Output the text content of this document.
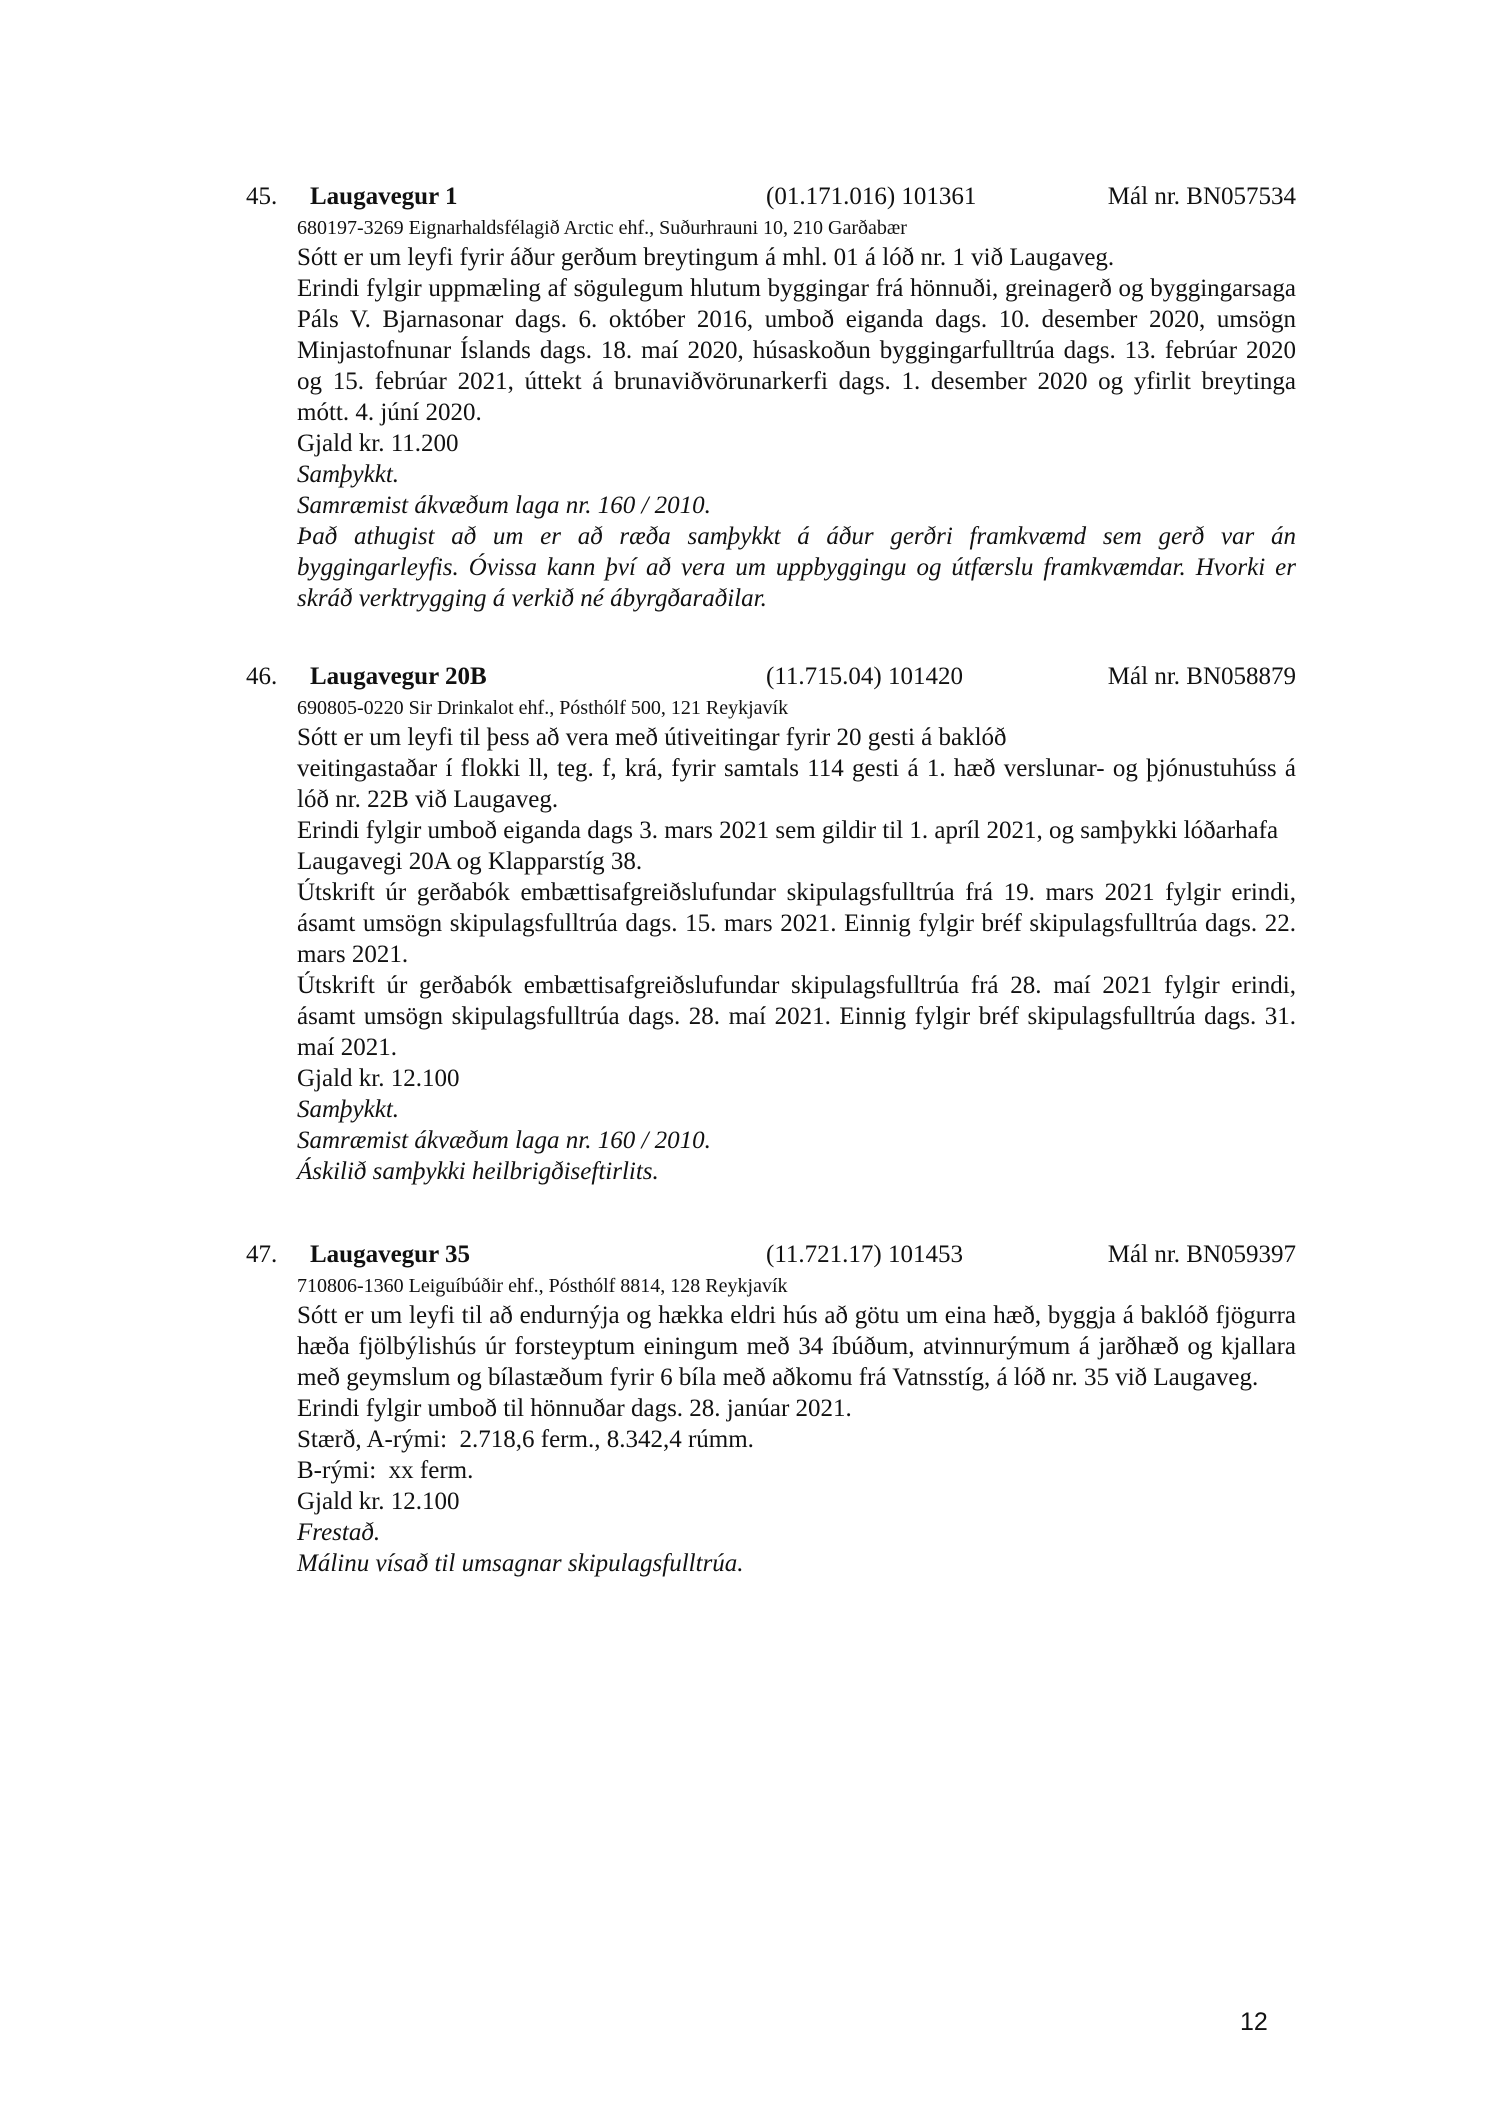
45. Laugavegur 1	(01.171.016) 101361	Mál nr. BN057534
680197-3269 Eignarhaldsfélagið Arctic ehf., Suðurhrauni 10, 210 Garðabær
Sótt er um leyfi fyrir áður gerðum breytingum á mhl. 01 á lóð nr. 1 við Laugaveg.
Erindi fylgir uppmæling af sögulegum hlutum byggingar frá hönnuði, greinagerð og byggingarsaga Páls V. Bjarnasonar dags. 6. október 2016, umboð eiganda dags. 10. desember 2020, umsögn Minjastofnunar Íslands dags. 18. maí 2020, húsaskoðun byggingarfulltrúa dags. 13. febrúar 2020 og 15. febrúar 2021, úttekt á brunaviðvörunarkerfi dags. 1. desember 2020 og yfirlit breytinga mótt. 4. júní 2020.
Gjald kr. 11.200
Samþykkt.
Samræmist ákvæðum laga nr. 160 / 2010.
Það athugist að um er að ræða samþykkt á áður gerðri framkvæmd sem gerð var án byggingarleyfis. Óvissa kann því að vera um uppbyggingu og útfærslu framkvæmdar. Hvorki er skráð verktrygging á verkið né ábyrgðaraðilar.
46. Laugavegur 20B	(11.715.04) 101420	Mál nr. BN058879
690805-0220 Sir Drinkalot ehf., Pósthólf 500, 121 Reykjavík
Sótt er um leyfi til þess að vera með útiveitingar fyrir 20 gesti á baklóð
veitingastaðar í flokki ll, teg. f, krá, fyrir samtals 114 gesti á 1. hæð verslunar- og þjónustuhúss á lóð nr. 22B við Laugaveg.
Erindi fylgir umboð eiganda dags 3. mars 2021 sem gildir til 1. apríl 2021, og samþykki lóðarhafa Laugavegi 20A og Klapparstíg 38.
Útskrift úr gerðabók embættisafgreiðslufundar skipulagsfulltrúa frá 19. mars 2021 fylgir erindi, ásamt umsögn skipulagsfulltrúa dags. 15. mars 2021. Einnig fylgir bréf skipulagsfulltrúa dags. 22. mars 2021.
Útskrift úr gerðabók embættisafgreiðslufundar skipulagsfulltrúa frá 28. maí 2021 fylgir erindi, ásamt umsögn skipulagsfulltrúa dags. 28. maí 2021. Einnig fylgir bréf skipulagsfulltrúa dags. 31. maí 2021.
Gjald kr. 12.100
Samþykkt.
Samræmist ákvæðum laga nr. 160 / 2010.
Áskilið samþykki heilbrigðiseftirlits.
47. Laugavegur 35	(11.721.17) 101453	Mál nr. BN059397
710806-1360 Leiguíbúðir ehf., Pósthólf 8814, 128 Reykjavík
Sótt er um leyfi til að endurnýja og hækka eldri hús að götu um eina hæð, byggja á baklóð fjögurra hæða fjölbýlishús úr forsteyptum einingum með 34 íbúðum, atvinnurýmum á jarðhæð og kjallara með geymslum og bílastæðum fyrir 6 bíla með aðkomu frá Vatnsstíg, á lóð nr. 35 við Laugaveg.
Erindi fylgir umboð til hönnuðar dags. 28. janúar 2021.
Stærð, A-rými:  2.718,6 ferm., 8.342,4 rúmm.
B-rými:  xx ferm.
Gjald kr. 12.100
Frestað.
Málinu vísað til umsagnar skipulagsfulltrúa.
12
